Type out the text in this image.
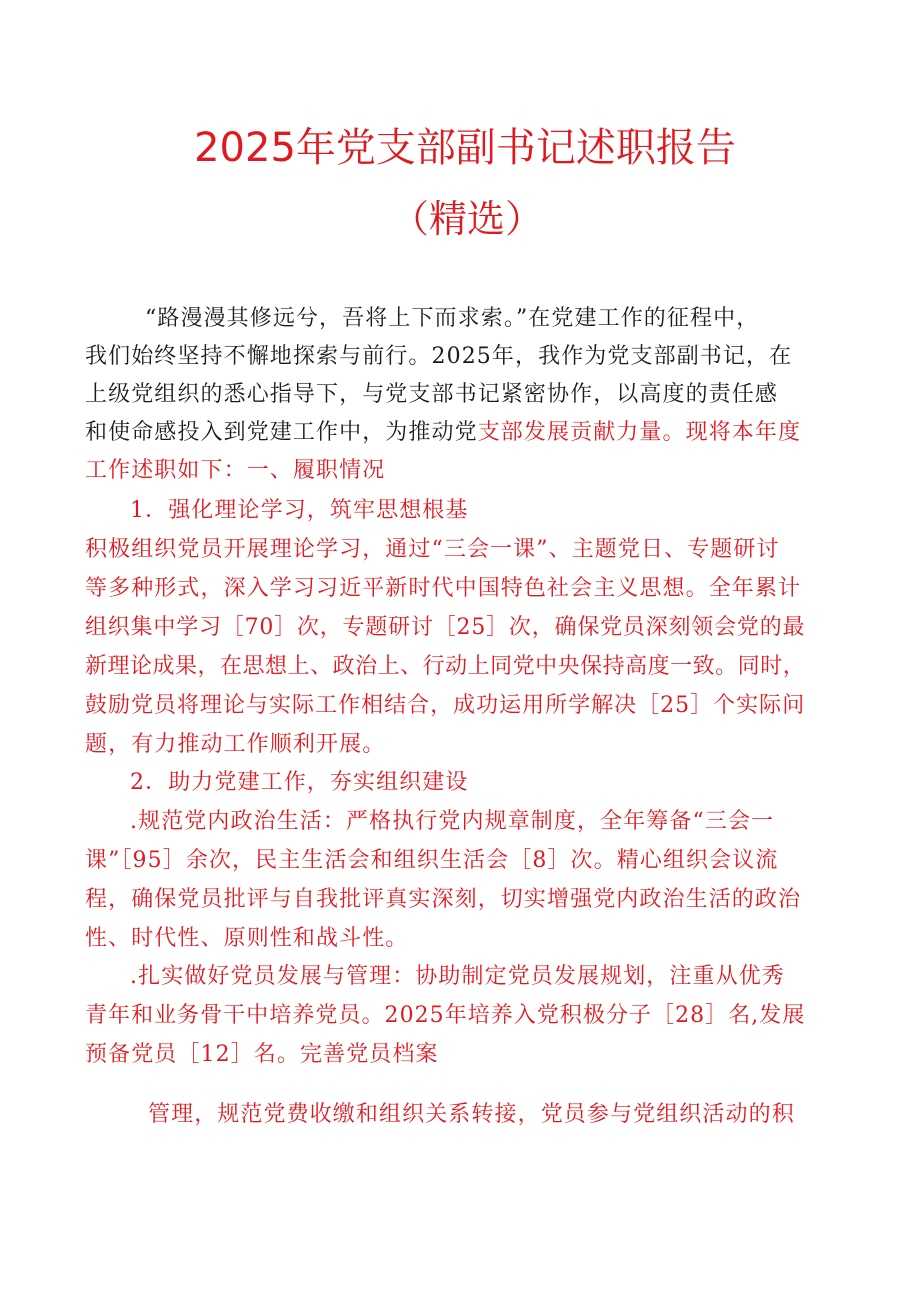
2025年党支部副书记述职报告
（精选）
“路漫漫其修远兮，吾将上下而求索。”在党建工作的征程中，
我们始终坚持不懈地探索与前行。2025年，我作为党支部副书记，在
上级党组织的悉心指导下，与党支部书记紧密协作，以高度的责任感
和使命感投入到党建工作中，为推动党支部发展贡献力量。现将本年度
工作述职如下：一、履职情况
1．强化理论学习，筑牢思想根基
积极组织党员开展理论学习，通过“三会一课”、主题党日、专题研讨
等多种形式，深入学习习近平新时代中国特色社会主义思想。全年累计
组织集中学习［70］次，专题研讨［25］次，确保党员深刻领会党的最
新理论成果，在思想上、政治上、行动上同党中央保持高度一致。同时，
鼓励党员将理论与实际工作相结合，成功运用所学解决［25］个实际问
题，有力推动工作顺利开展。
2．助力党建工作，夯实组织建设
.规范党内政治生活：严格执行党内规章制度，全年筹备“三会一
课”［95］余次，民主生活会和组织生活会［8］次。精心组织会议流
程，确保党员批评与自我批评真实深刻，切实增强党内政治生活的政治
性、时代性、原则性和战斗性。
.扎实做好党员发展与管理：协助制定党员发展规划，注重从优秀
青年和业务骨干中培养党员。2025年培养入党积极分子［28］名,发展
预备党员［12］名。完善党员档案
管理，规范党费收缴和组织关系转接，党员参与党组织活动的积
